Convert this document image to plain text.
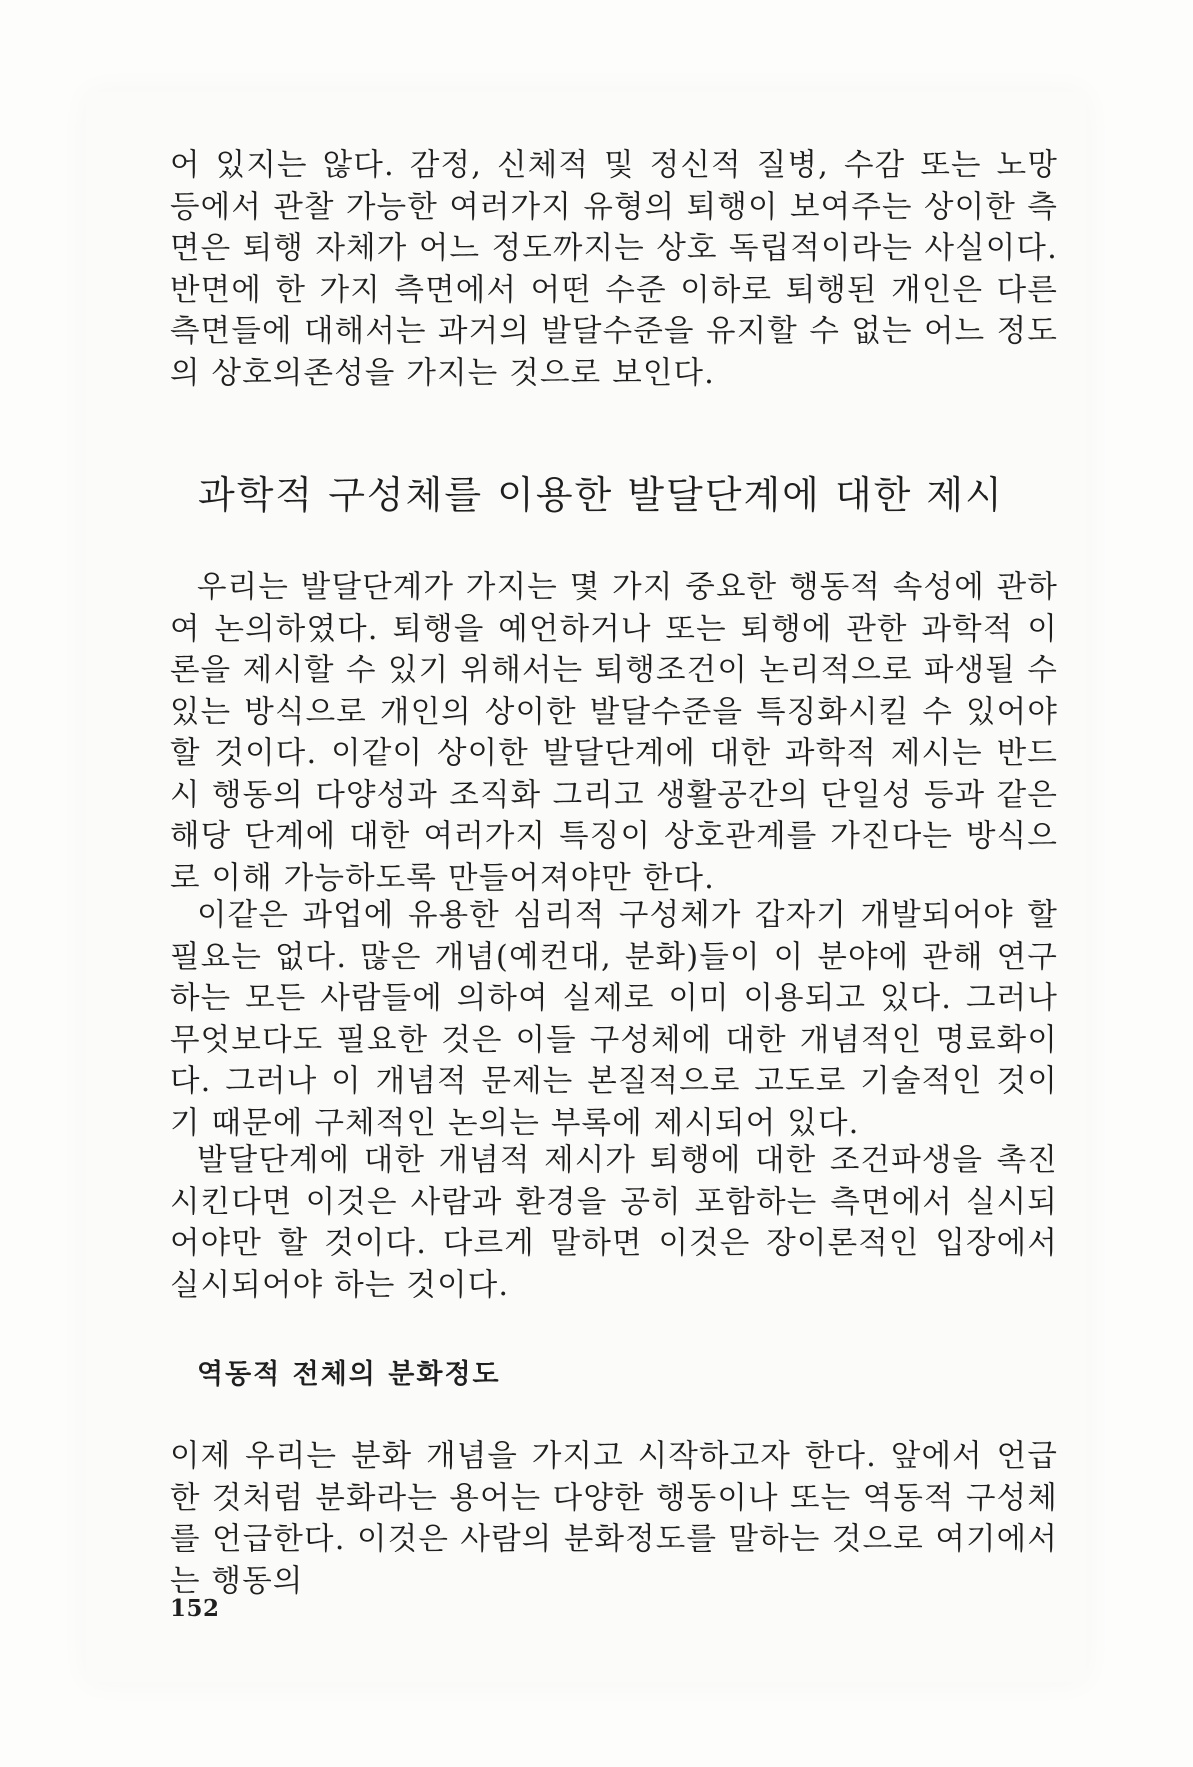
어 있지는 않다. 감정, 신체적 및 정신적 질병, 수감 또는 노망 등에서 관찰 가능한 여러가지 유형의 퇴행이 보여주는 상이한 측면은 퇴행 자체가 어느 정도까지는 상호 독립적이라는 사실이다. 반면에 한 가지 측면에서 어떤 수준 이하로 퇴행된 개인은 다른 측면들에 대해서는 과거의 발달수준을 유지할 수 없는 어느 정도의 상호의존성을 가지는 것으로 보인다.

과학적 구성체를 이용한 발달단계에 대한 제시

우리는 발달단계가 가지는 몇 가지 중요한 행동적 속성에 관하여 논의하였다. 퇴행을 예언하거나 또는 퇴행에 관한 과학적 이론을 제시할 수 있기 위해서는 퇴행조건이 논리적으로 파생될 수 있는 방식으로 개인의 상이한 발달수준을 특징화시킬 수 있어야 할 것이다. 이같이 상이한 발달단계에 대한 과학적 제시는 반드시 행동의 다양성과 조직화 그리고 생활공간의 단일성 등과 같은 해당 단계에 대한 여러가지 특징이 상호관계를 가진다는 방식으로 이해 가능하도록 만들어져야만 한다.

이같은 과업에 유용한 심리적 구성체가 갑자기 개발되어야 할 필요는 없다. 많은 개념(예컨대, 분화)들이 이 분야에 관해 연구하는 모든 사람들에 의하여 실제로 이미 이용되고 있다. 그러나 무엇보다도 필요한 것은 이들 구성체에 대한 개념적인 명료화이다. 그러나 이 개념적 문제는 본질적으로 고도로 기술적인 것이기 때문에 구체적인 논의는 부록에 제시되어 있다.

발달단계에 대한 개념적 제시가 퇴행에 대한 조건파생을 촉진시킨다면 이것은 사람과 환경을 공히 포함하는 측면에서 실시되어야만 할 것이다. 다르게 말하면 이것은 장이론적인 입장에서 실시되어야 하는 것이다.

역동적 전체의 분화정도

이제 우리는 분화 개념을 가지고 시작하고자 한다. 앞에서 언급한 것처럼 분화라는 용어는 다양한 행동이나 또는 역동적 구성체를 언급한다. 이것은 사람의 분화정도를 말하는 것으로 여기에서는 행동의

152
